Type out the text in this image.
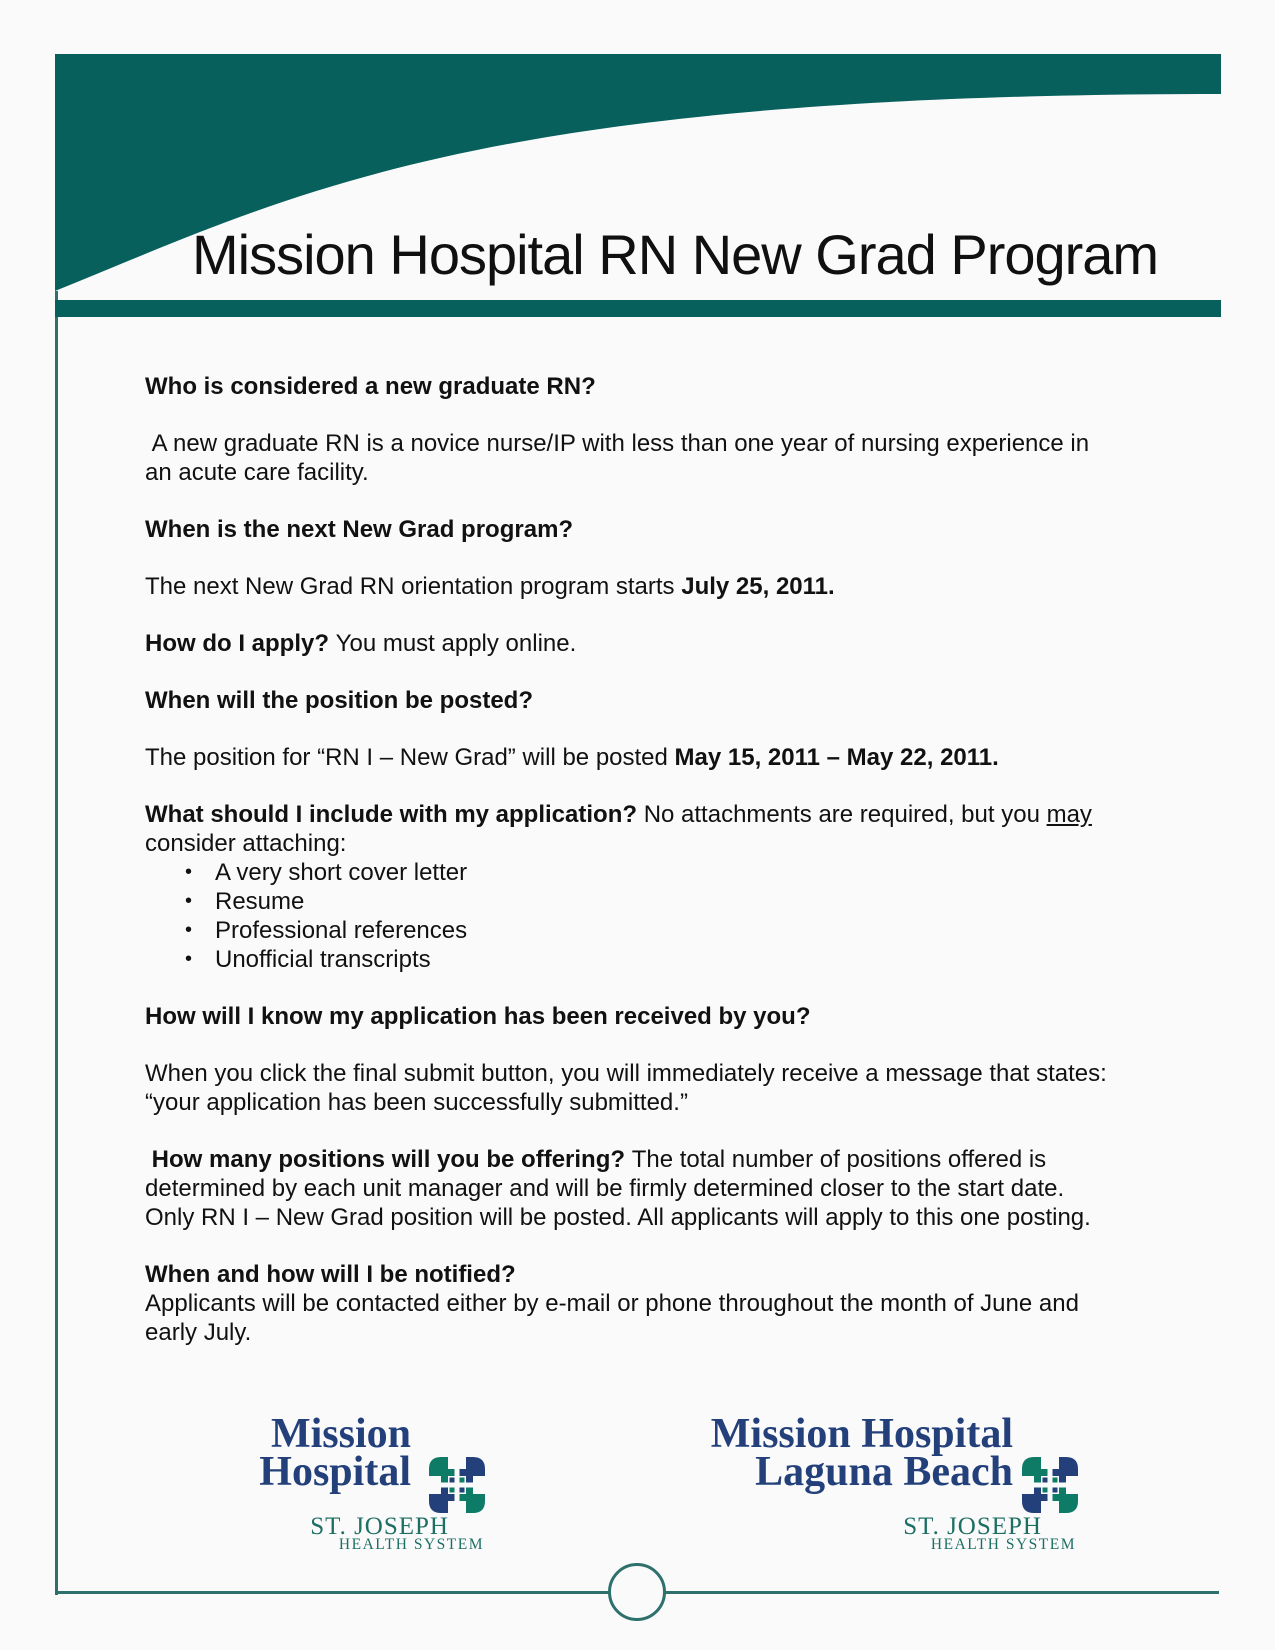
Mission Hospital RN New Grad Program
Who is considered a new graduate RN?
A new graduate RN is a novice nurse/IP with less than one year of nursing experience in
an acute care facility.
When is the next New Grad program?
The next New Grad RN orientation program starts July 25, 2011.
How do I apply? You must apply online.
When will the position be posted?
The position for “RN I – New Grad” will be posted May 15, 2011 – May 22, 2011.
What should I include with my application? No attachments are required, but you may
consider attaching:
• A very short cover letter
• Resume
• Professional references
• Unofficial transcripts
How will I know my application has been received by you?
When you click the final submit button, you will immediately receive a message that states:
“your application has been successfully submitted.”
How many positions will you be offering? The total number of positions offered is
determined by each unit manager and will be firmly determined closer to the start date.
Only RN I – New Grad position will be posted. All applicants will apply to this one posting.
When and how will I be notified?
Applicants will be contacted either by e-mail or phone throughout the month of June and
early July.
Mission
Hospital
ST. JOSEPH
HEALTH SYSTEM
Mission Hospital
Laguna Beach
ST. JOSEPH
HEALTH SYSTEM
